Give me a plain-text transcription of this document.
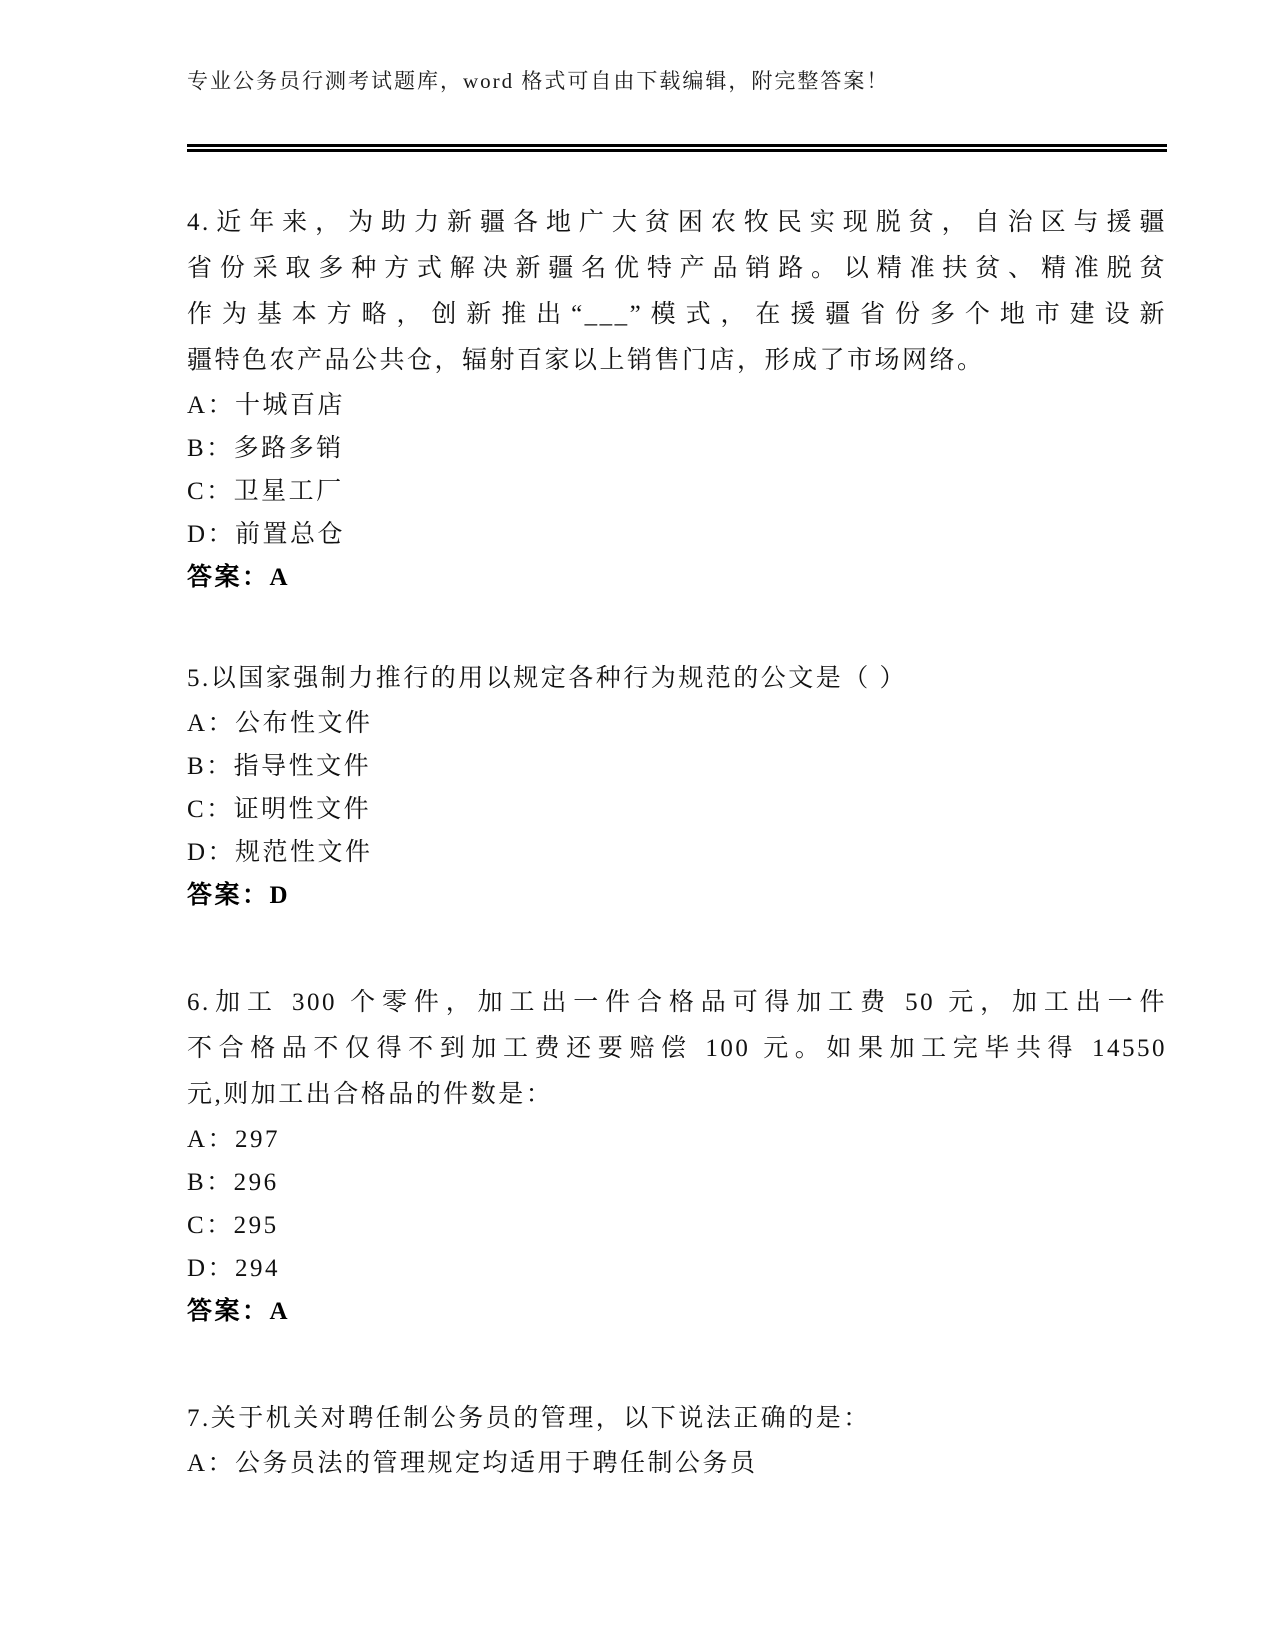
专业公务员行测考试题库，word 格式可自由下载编辑，附完整答案！
4.近年来，为助力新疆各地广大贫困农牧民实现脱贫，自治区与援疆
省份采取多种方式解决新疆名优特产品销路。以精准扶贫、精准脱贫
作为基本方略，创新推出“___”模式，在援疆省份多个地市建设新
疆特色农产品公共仓，辐射百家以上销售门店，形成了市场网络。
A：十城百店
B：多路多销
C：卫星工厂
D：前置总仓
答案：A
5.以国家强制力推行的用以规定各种行为规范的公文是（ ）
A：公布性文件
B：指导性文件
C：证明性文件
D：规范性文件
答案：D
6.加工 300 个零件，加工出一件合格品可得加工费 50 元，加工出一件
不合格品不仅得不到加工费还要赔偿 100 元。如果加工完毕共得 14550
元,则加工出合格品的件数是：
A：297
B：296
C：295
D：294
答案：A
7.关于机关对聘任制公务员的管理，以下说法正确的是：
A：公务员法的管理规定均适用于聘任制公务员
